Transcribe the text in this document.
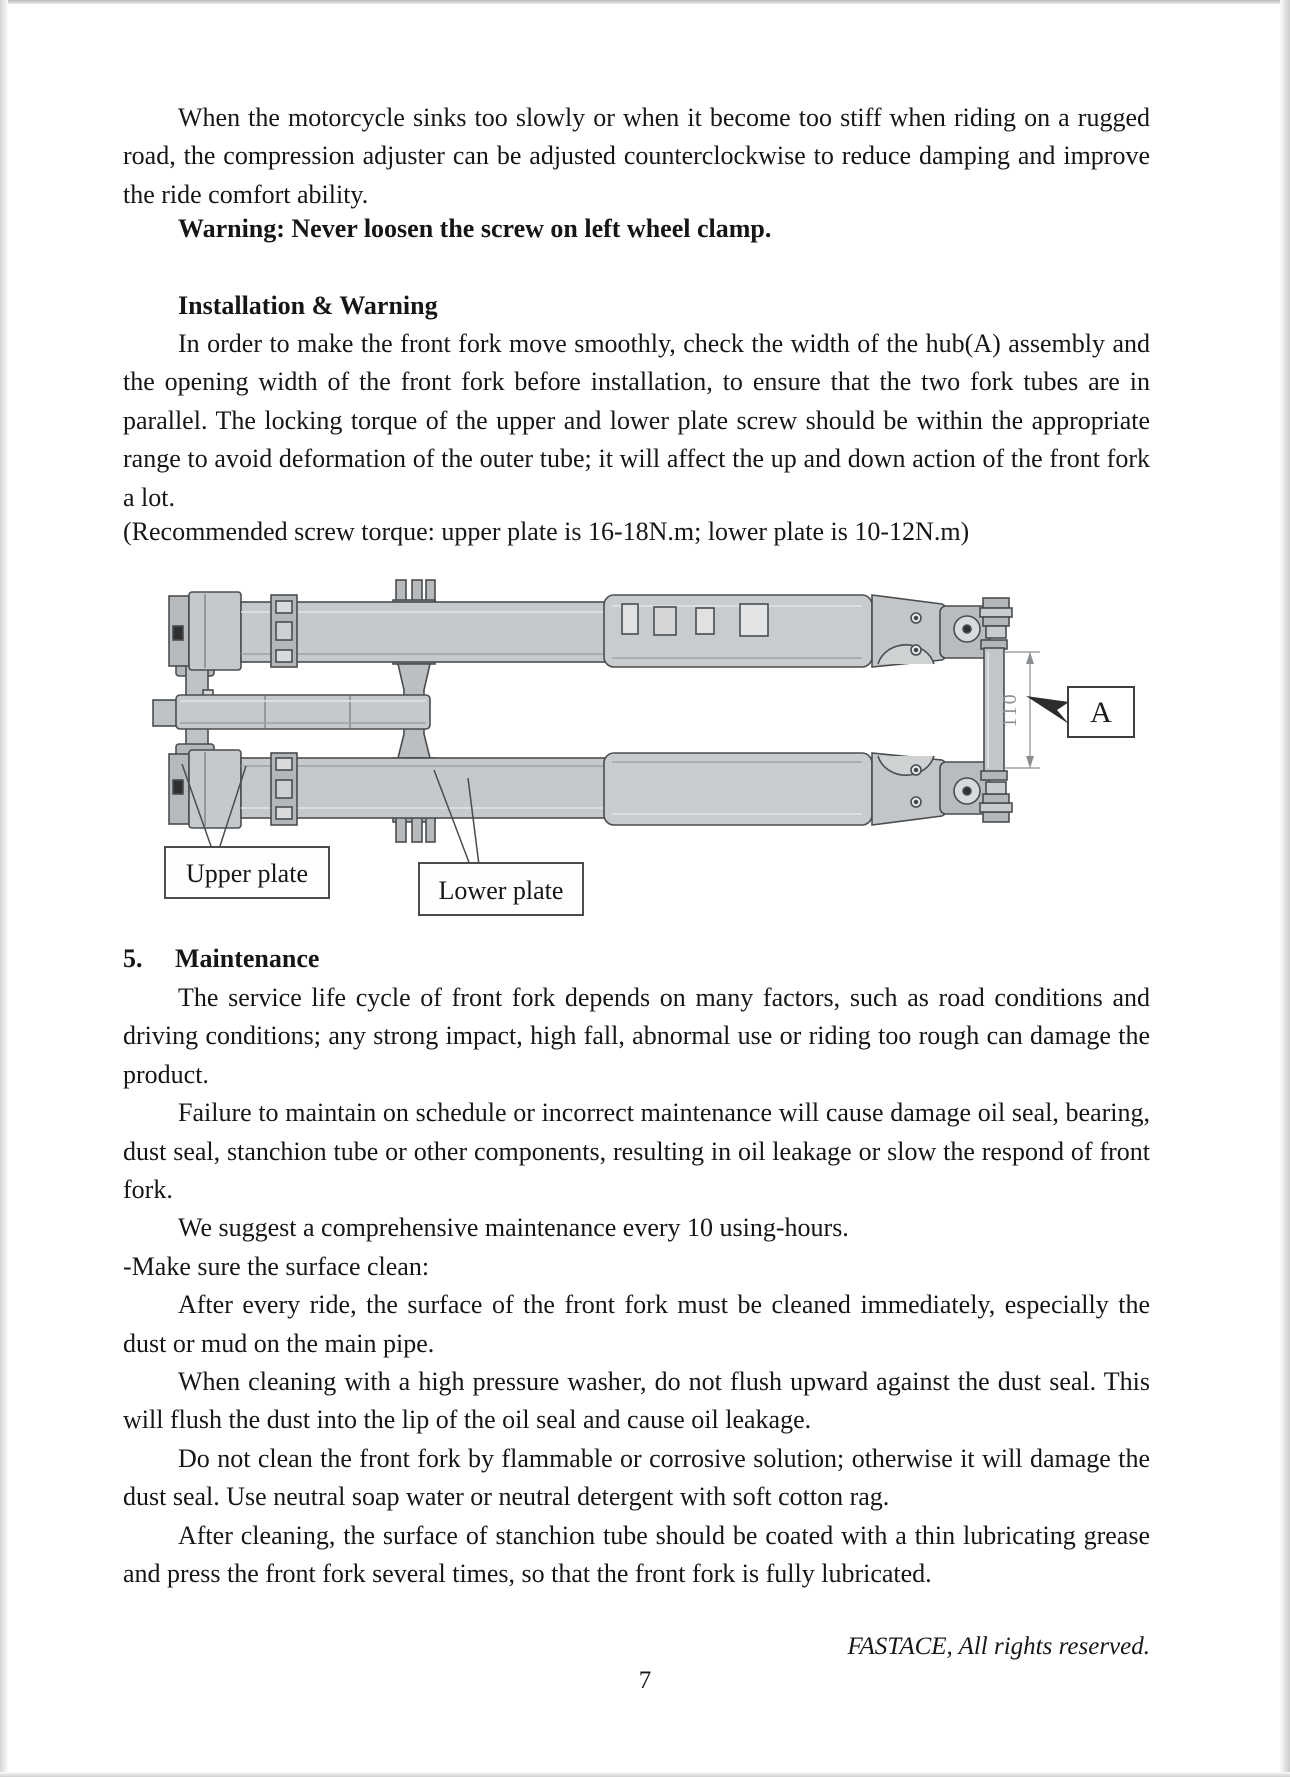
When the motorcycle sinks too slowly or when it become too stiff when riding on a rugged road, the compression adjuster can be adjusted counterclockwise to reduce damping and improve the ride comfort ability.

Warning: Never loosen the screw on left wheel clamp.

Installation & Warning

In order to make the front fork move smoothly, check the width of the hub(A) assembly and the opening width of the front fork before installation, to ensure that the two fork tubes are in parallel. The locking torque of the upper and lower plate screw should be within the appropriate range to avoid deformation of the outer tube; it will affect the up and down action of the front fork a lot.

(Recommended screw torque: upper plate is 16-18N.m; lower plate is 10-12N.m)

110 A
Upper plate
Lower plate

5. Maintenance

The service life cycle of front fork depends on many factors, such as road conditions and driving conditions; any strong impact, high fall, abnormal use or riding too rough can damage the product.

Failure to maintain on schedule or incorrect maintenance will cause damage oil seal, bearing, dust seal, stanchion tube or other components, resulting in oil leakage or slow the respond of front fork.

We suggest a comprehensive maintenance every 10 using-hours.

-Make sure the surface clean:

After every ride, the surface of the front fork must be cleaned immediately, especially the dust or mud on the main pipe.

When cleaning with a high pressure washer, do not flush upward against the dust seal. This will flush the dust into the lip of the oil seal and cause oil leakage.

Do not clean the front fork by flammable or corrosive solution; otherwise it will damage the dust seal. Use neutral soap water or neutral detergent with soft cotton rag.

After cleaning, the surface of stanchion tube should be coated with a thin lubricating grease and press the front fork several times, so that the front fork is fully lubricated.

FASTACE, All rights reserved.

7
